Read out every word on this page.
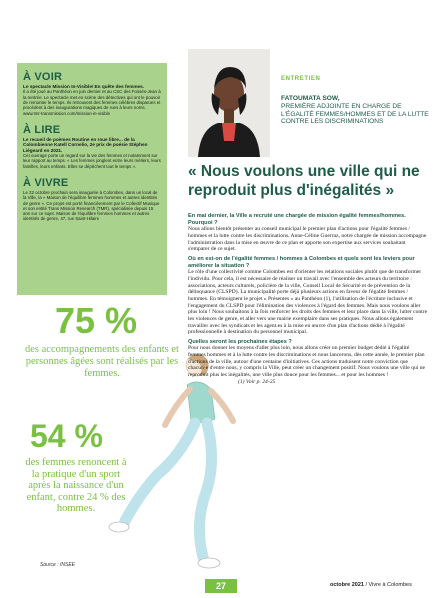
À VOIR
Le spectacle Mission In-Visible/ En quête des femmes.
Il a été joué au Panthéon en juin dernier et au CSC des Fossés-Jean à la rentrée. Le spectacle met en scène des détectives qui ont le pouvoir de remonter le temps. Ils retrouvent des femmes célèbres disparues et procèdent à des inaugurations magiques de rues à leurs noms. www.tmr-transmission.com/mission-in-visible
À LIRE
Le recueil de poèmes Routine en roue libre... de la Colombienne Katell Cornelio, 2e prix de poésie Stéphen Liégeard en 2021.
Cet ouvrage porte un regard sur la vie des femmes et notamment sur leur rapport au temps. « Les femmes jonglent entre leurs métiers, leurs familles, leurs enfants. Elles se dépêchent tout le temps ».
À VIVRE
Le 22 octobre prochain sera inaugurée à Colombes, dans un local de la Ville, la « Maison de l'équilibre femmes hommes et autres identités de genre ». Ce projet est porté financièrement par le Collectif Musique et son entité Trans Mission Research (TMR), spécialisée depuis 15 ans sur ce sujet. Maison de l'équilibre femmes hommes et autres identités de genre, 47, rue Saint-Hilaire
75 %
des accompagnements des enfants et personnes âgées sont réalisés par les femmes.
54 %
des femmes renoncent à la pratique d'un sport après la naissance d'un enfant, contre 24 % des hommes.
Source : INSEE
ENTRETIEN
FATOUMATA SOW,
PREMIÈRE ADJOINTE EN CHARGE DE L'ÉGALITÉ FEMMES/HOMMES ET DE LA LUTTE CONTRE LES DISCRIMINATIONS
« Nous voulons une ville qui ne reproduit plus d'inégalités »

En mai dernier, la Ville a recruté une chargée de mission égalité femmes/hommes. Pourquoi ?

Nous allons bientôt présenter au conseil municipal le premier plan d'actions pour l'égalité femmes / hommes et la lutte contre les discriminations. Anne-Céline Guerraz, notre chargée de mission accompagne l'administration dans la mise en œuvre de ce plan et apporte son expertise aux services souhaitant s'emparer de ce sujet.

Où en est-on de l'égalité femmes / hommes à Colombes et quels sont les leviers pour améliorer la situation ?

Le rôle d'une collectivité comme Colombes est d'orienter les relations sociales plutôt que de transformer l'individu. Pour cela, il est nécessaire de réaliser un travail avec l'ensemble des acteurs du territoire : associations, acteurs culturels, policière de la ville, Conseil Local de Sécurité et de prévention de la délinquance (CLSPD). La municipalité porte déjà plusieurs actions en faveur de l'égalité femmes / hommes. En témoignent le projet « Présentes » au Panthéon (1), l'utilisation de l'écriture inclusive et l'engagement du CLSPD pour l'élimination des violences à l'égard des femmes. Mais nous voulons aller plus loin ! Nous souhaitons à la fois renforcer les droits des femmes et leur place dans la ville, lutter contre les violences de genre, et aller vers une mairie exemplaire dans ses pratiques. Nous allons également travailler avec les syndicats et les agent.es à la mise en œuvre d'un plan d'actions dédié à l'égalité professionnelle à destination du personnel municipal.

Quelles seront les prochaines étapes ?

Pour nous donner les moyens d'aller plus loin, nous allons créer un premier budget dédié à l'égalité femmes hommes et à la lutte contre les discriminations et nous lancerons, dès cette année, le premier plan d'actions de la ville, autour d'une centaine d'initiatives. Ces actions traduisent notre conviction que chacun·e d'entre nous, y compris la Ville, peut créer un changement positif. Nous voulons une ville qui ne reproduit plus les inégalités, une ville plus douce pour les femmes... et pour les hommes !

(1) Voir p. 24-25

27	octobre 2021 / Vivre à Colombes
